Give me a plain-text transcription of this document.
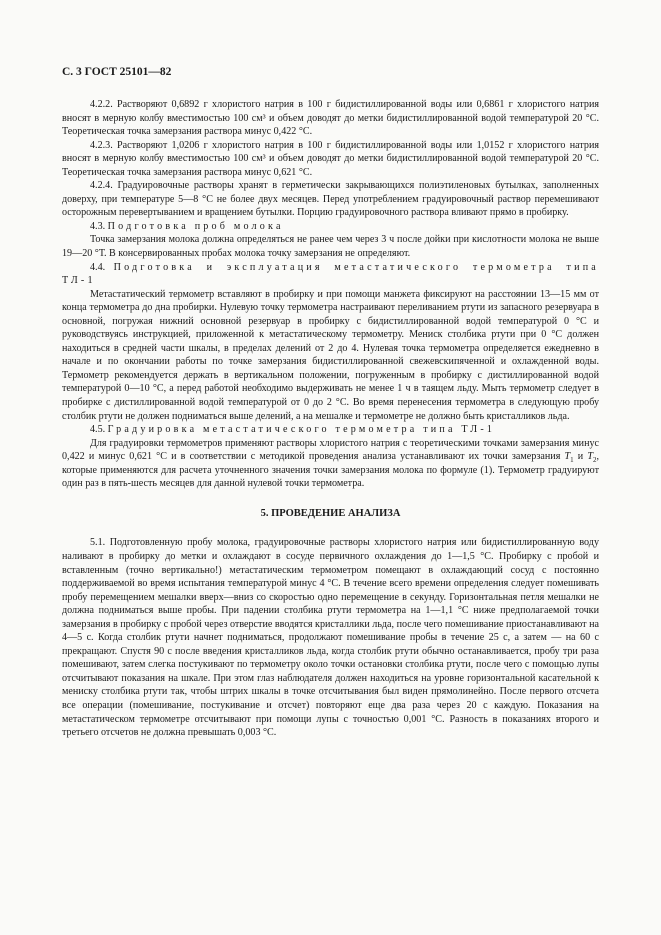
С. 3 ГОСТ 25101—82

4.2.2. Растворяют 0,6892 г хлористого натрия в 100 г бидистиллированной воды или 0,6861 г хлористого натрия вносят в мерную колбу вместимостью 100 см³ и объем доводят до метки бидистиллированной водой температурой 20 °С. Теоретическая точка замерзания раствора минус 0,422 °С.

4.2.3. Растворяют 1,0206 г хлористого натрия в 100 г бидистиллированной воды или 1,0152 г хлористого натрия вносят в мерную колбу вместимостью 100 см³ и объем доводят до метки бидистиллированной водой температурой 20 °С. Теоретическая точка замерзания раствора минус 0,621 °С.

4.2.4. Градуировочные растворы хранят в герметически закрывающихся полиэтиленовых бутылках, заполненных доверху, при температуре 5—8 °С не более двух месяцев. Перед употреблением градуировочный раствор перемешивают осторожным перевертыванием и вращением бутылки. Порцию градуировочного раствора вливают прямо в пробирку.

4.3. Подготовка проб молока

Точка замерзания молока должна определяться не ранее чем через 3 ч после дойки при кислотности молока не выше 19—20 °Т. В консервированных пробах молока точку замерзания не определяют.

4.4. Подготовка и эксплуатация метастатического термометра типа ТЛ-1

Метастатический термометр вставляют в пробирку и при помощи манжета фиксируют на расстоянии 13—15 мм от конца термометра до дна пробирки. Нулевую точку термометра настраивают переливанием ртути из запасного резервуара в основной, погружая нижний основной резервуар в пробирку с бидистиллированной водой температурой 0 °С и руководствуясь инструкцией, приложенной к метастатическому термометру. Мениск столбика ртути при 0 °С должен находиться в средней части шкалы, в пределах делений от 2 до 4. Нулевая точка термометра определяется ежедневно в начале и по окончании работы по точке замерзания бидистиллированной свежевскипяченной и охлажденной воды. Термометр рекомендуется держать в вертикальном положении, погруженным в пробирку с дистиллированной водой температурой 0—10 °С, а перед работой необходимо выдерживать не менее 1 ч в таящем льду. Мыть термометр следует в пробирке с дистиллированной водой температурой от 0 до 2 °С. Во время перенесения термометра в следующую пробу столбик ртути не должен подниматься выше делений, а на мешалке и термометре не должно быть кристалликов льда.

4.5. Градуировка метастатического термометра типа ТЛ-1

Для градуировки термометров применяют растворы хлористого натрия с теоретическими точками замерзания минус 0,422 и минус 0,621 °С и в соответствии с методикой проведения анализа устанавливают их точки замерзания $T_1$ и $T_2$, которые применяются для расчета уточненного значения точки замерзания молока по формуле (1). Термометр градуируют один раз в пять-шесть месяцев для данной нулевой точки термометра.

5. ПРОВЕДЕНИЕ АНАЛИЗА

5.1. Подготовленную пробу молока, градуировочные растворы хлористого натрия или бидистиллированную воду наливают в пробирку до метки и охлаждают в сосуде первичного охлаждения до 1—1,5 °С. Пробирку с пробой и вставленным (точно вертикально!) метастатическим термометром помещают в охлаждающий сосуд с постоянно поддерживаемой во время испытания температурой минус 4 °С. В течение всего времени определения следует помешивать пробу перемещением мешалки вверх—вниз со скоростью одно перемещение в секунду. Горизонтальная петля мешалки не должна подниматься выше пробы. При падении столбика ртути термометра на 1—1,1 °С ниже предполагаемой точки замерзания в пробирку с пробой через отверстие вводятся кристаллики льда, после чего помешивание приостанавливают на 4—5 с. Когда столбик ртути начнет подниматься, продолжают помешивание пробы в течение 25 с, а затем — на 60 с прекращают. Спустя 90 с после введения кристалликов льда, когда столбик ртути обычно останавливается, пробу три раза помешивают, затем слегка постукивают по термометру около точки остановки столбика ртути, после чего с помощью лупы отсчитывают показания на шкале. При этом глаз наблюдателя должен находиться на уровне горизонтальной касательной к мениску столбика ртути так, чтобы штрих шкалы в точке отсчитывания был виден прямолинейно. После первого отсчета все операции (помешивание, постукивание и отсчет) повторяют еще два раза через 20 с каждую. Показания на метастатическом термометре отсчитывают при помощи лупы с точностью 0,001 °С. Разность в показаниях второго и третьего отсчетов не должна превышать 0,003 °С.
